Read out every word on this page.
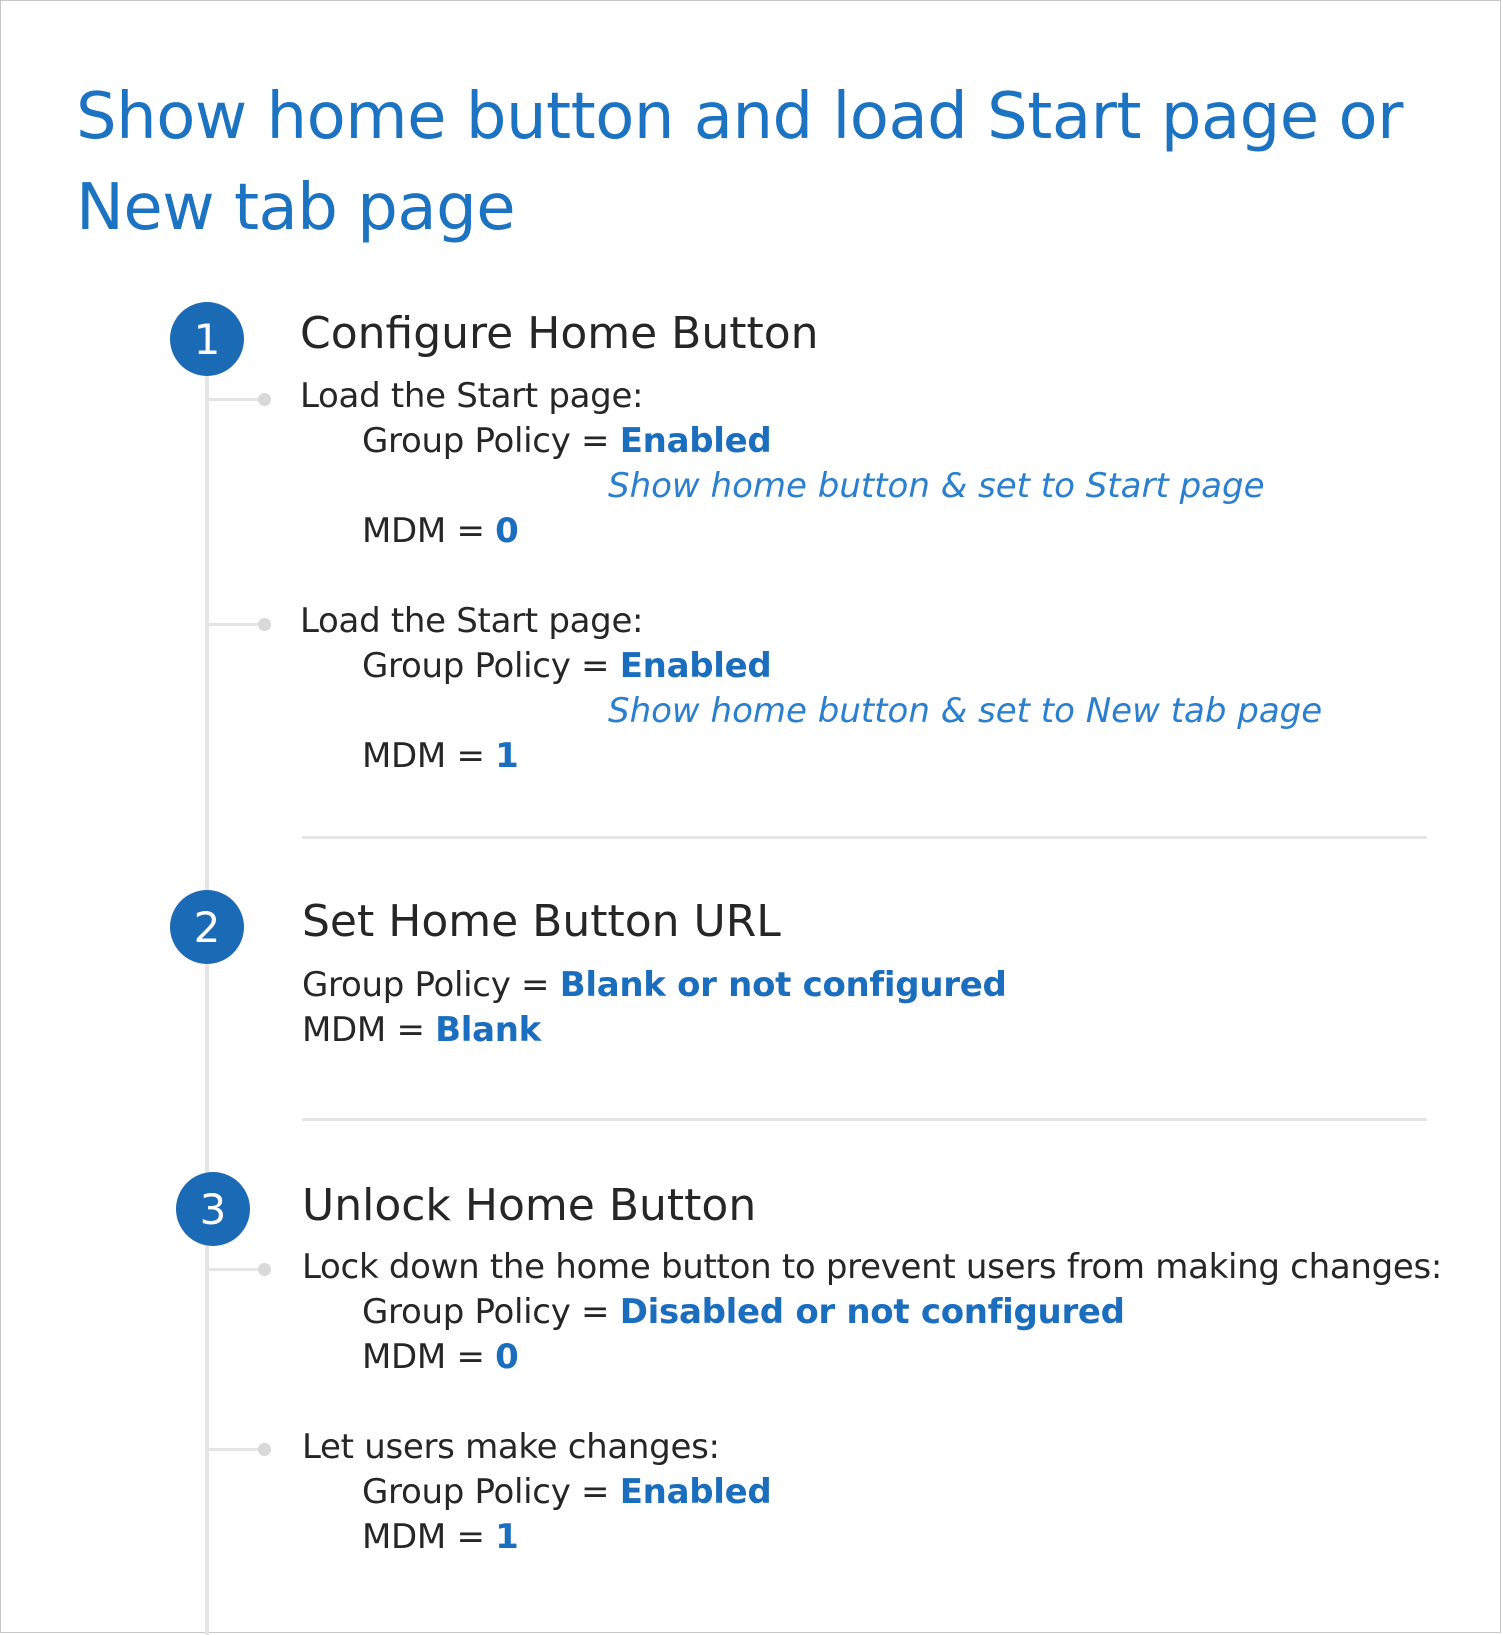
Show home button and load Start page or New tab page
1	Configure Home Button
Load the Start page:
Group Policy = Enabled
Show home button & set to Start page
MDM = 0
Load the Start page:
Group Policy = Enabled
Show home button & set to New tab page
MDM = 1
2	Set Home Button URL
Group Policy = Blank or not configured
MDM = Blank
3	Unlock Home Button
Lock down the home button to prevent users from making changes:
Group Policy = Disabled or not configured
MDM = 0
Let users make changes:
Group Policy = Enabled
MDM = 1
